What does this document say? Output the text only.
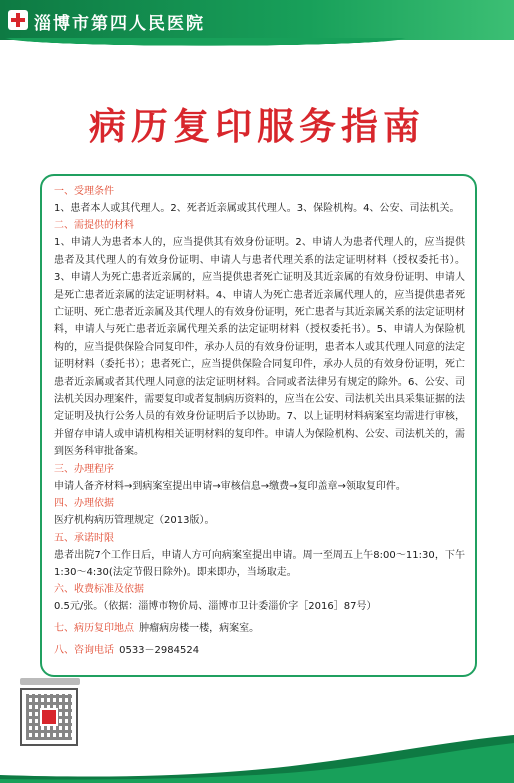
淄博市第四人民医院
病历复印服务指南
一、受理条件

1、患者本人或其代理人。2、死者近亲属或其代理人。3、保险机构。4、公安、司法机关。

二、需提供的材料

1、申请人为患者本人的，应当提供其有效身份证明。2、申请人为患者代理人的，应当提供患者及其代理人的有效身份证明、申请人与患者代理关系的法定证明材料（授权委托书）。3、申请人为死亡患者近亲属的，应当提供患者死亡证明及其近亲属的有效身份证明、申请人是死亡患者近亲属的法定证明材料。4、申请人为死亡患者近亲属代理人的，应当提供患者死亡证明、死亡患者近亲属及其代理人的有效身份证明，死亡患者与其近亲属关系的法定证明材料，申请人与死亡患者近亲属代理关系的法定证明材料（授权委托书）。5、申请人为保险机构的，应当提供保险合同复印件，承办人员的有效身份证明，患者本人或其代理人同意的法定证明材料（委托书）；患者死亡，应当提供保险合同复印件，承办人员的有效身份证明，死亡患者近亲属或者其代理人同意的法定证明材料。合同或者法律另有规定的除外。6、公安、司法机关因办理案件，需要复印或者复制病历资料的，应当在公安、司法机关出具采集证据的法定证明及执行公务人员的有效身份证明后予以协助。7、以上证明材料病案室均需进行审核，并留存申请人或申请机构相关证明材料的复印件。申请人为保险机构、公安、司法机关的，需到医务科审批备案。

三、办理程序

申请人备齐材料→到病案室提出申请→审核信息→缴费→复印盖章→领取复印件。

四、办理依据

医疗机构病历管理规定（2013版）。

五、承诺时限

患者出院7个工作日后，申请人方可向病案室提出申请。周一至周五上午8:00～11:30，下午1:30～4:30(法定节假日除外)。即来即办，当场取走。

六、收费标准及依据

0.5元/张。（依据：淄博市物价局、淄博市卫计委淄价字［2016］87号）

七、病历复印地点 肿瘤病房楼一楼，病案室。

八、咨询电话 0533－2984524
